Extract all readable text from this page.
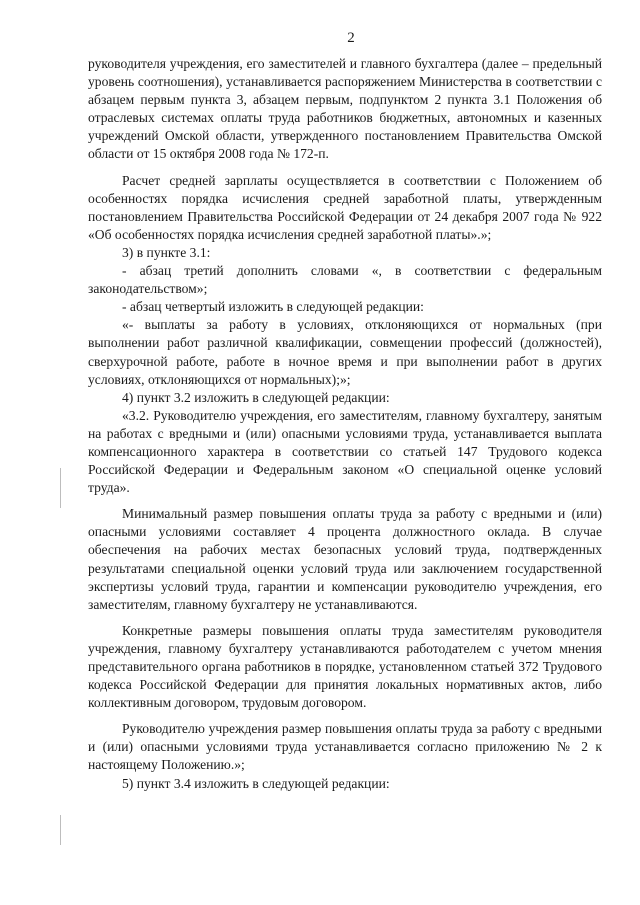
2

руководителя учреждения, его заместителей и главного бухгалтера (далее – предельный уровень соотношения), устанавливается распоряжением Министерства в соответствии с абзацем первым пункта 3, абзацем первым, подпунктом 2 пункта 3.1 Положения об отраслевых системах оплаты труда работников бюджетных, автономных и казенных учреждений Омской области, утвержденного постановлением Правительства Омской области от 15 октября 2008 года № 172-п.

Расчет средней зарплаты осуществляется в соответствии с Положением об особенностях порядка исчисления средней заработной платы, утвержденным постановлением Правительства Российской Федерации от 24 декабря 2007 года № 922 «Об особенностях порядка исчисления средней заработной платы».»;

3) в пункте 3.1:

- абзац третий дополнить словами «, в соответствии с федеральным законодательством»;

- абзац четвертый изложить в следующей редакции:

«- выплаты за работу в условиях, отклоняющихся от нормальных (при выполнении работ различной квалификации, совмещении профессий (должностей), сверхурочной работе, работе в ночное время и при выполнении работ в других условиях, отклоняющихся от нормальных);»;

4) пункт 3.2 изложить в следующей редакции:

«3.2. Руководителю учреждения, его заместителям, главному бухгалтеру, занятым на работах с вредными и (или) опасными условиями труда, устанавливается выплата компенсационного характера в соответствии со статьей 147 Трудового кодекса Российской Федерации и Федеральным законом «О специальной оценке условий труда».

Минимальный размер повышения оплаты труда за работу с вредными и (или) опасными условиями составляет 4 процента должностного оклада. В случае обеспечения на рабочих местах безопасных условий труда, подтвержденных результатами специальной оценки условий труда или заключением государственной экспертизы условий труда, гарантии и компенсации руководителю учреждения, его заместителям, главному бухгалтеру не устанавливаются.

Конкретные размеры повышения оплаты труда заместителям руководителя учреждения, главному бухгалтеру устанавливаются работодателем с учетом мнения представительного органа работников в порядке, установленном статьей 372 Трудового кодекса Российской Федерации для принятия локальных нормативных актов, либо коллективным договором, трудовым договором.

Руководителю учреждения размер повышения оплаты труда за работу с вредными и (или) опасными условиями труда устанавливается согласно приложению № 2 к настоящему Положению.»;

5) пункт 3.4 изложить в следующей редакции:
